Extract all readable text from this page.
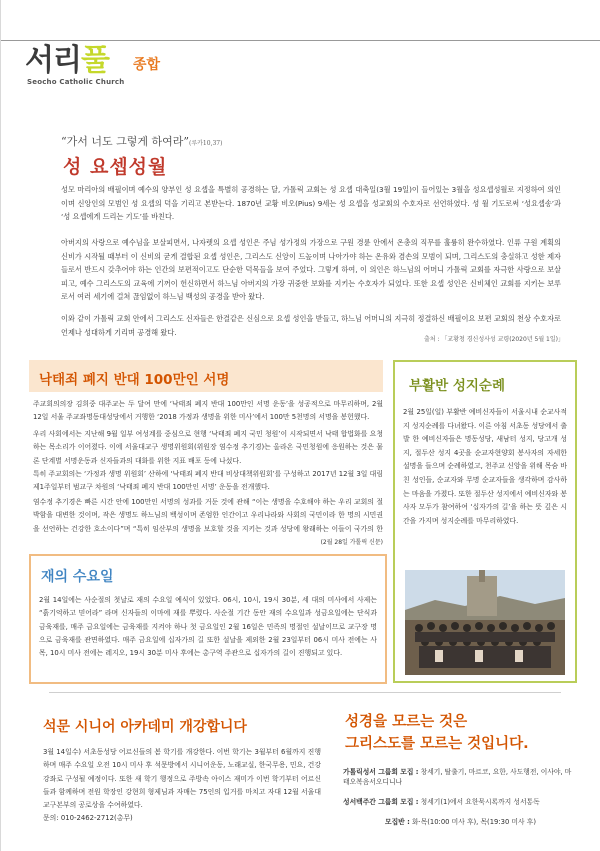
서리풀
Seocho Catholic Church
종합
“가서 너도 그렇게 하여라”(루카10,37)
성 요셉성월

성모 마리아의 배필이며 예수의 양부인 성 요셉을 특별히 공경하는 달, 가톨릭 교회는 성 요셉 대축일(3월 19일)이 들어있는 3월을 성요셉성월로 지정하여 의인이며 신앙인의 모범인 성 요셉의 덕을 기리고 본받는다. 1870년 교황 비오(Pius) 9세는 성 요셉을 성교회의 수호자로 선언하였다. 성 월 기도로써 ‘성요셉송’과 ‘성 요셉에게 드리는 기도’를 바친다.

아버지의 사랑으로 예수님을 보살피면서, 나자렛의 요셉 성인은 주님 성가정의 가장으로 구원 경륜 안에서 온총의 직무를 훌륭히 완수하였다. 인류 구원 계획의 신비가 시작될 때부터 이 신비의 굳게 결합된 요셉 성인은, 그리스도 신앙이 드높이며 나아가야 하는 온유와 겸손의 모범이 되며, 그리스도의 충실하고 성한 제자들로서 반드시 갖추어야 하는 인간의 보편적이고도 단순한 덕목들을 보여 주었다. 그렇게 하여, 이 의인은 하느님의 어머니 가톨릭 교회를 자극한 사랑으로 보살피고, 예수 그리스도의 교육에 기꺼이 헌신하면서 하느님 아버지의 가장 귀중한 보화를 지키는 수호자가 되었다. 또한 요셉 성인은 신비체인 교회를 지키는 보루로서 여러 세기에 걸쳐 끊임없이 하느님 백성의 공경을 받아 왔다.

이와 같이 가톨릭 교회 안에서 그리스도 신자들은 한결같은 신심으로 요셉 성인을 받들고, 하느님 어머니의 지극히 정결하신 배필이요 보편 교회의 천상 수호자로 언제나 성대하게 기리며 공경해 왔다.

출처 : 「교황청 경신성사성 교령(2020년 5월 1일)」
낙태죄 폐지 반대 100만인 서명

주교회의의장 김희중 대주교는 두 달여 만에 ‘낙태죄 폐지 반대 100만인 서명 운동’을 성공적으로 마무리하며, 2월 12일 서울 주교좌명동대성당에서 거행한 ‘2018 가정과 생명을 위한 미사’에서 100만 5천명의 서명을 봉헌했다.

우리 사회에서는 지난해 9월 일부 여성계를 중심으로 현행 ‘낙태죄 폐지 국민 청원’이 시작되면서 낙태 합법화를 요청하는 목소리가 이어졌다. 이에 서울대교구 생명위원회(위원장 염수정 추기경)는 올라온 국민청원에 응원하는 것은 물론 단계별 서명운동과 신자들과의 대화를 위한 지표 배포 등에 나섰다.

특히 주교회의는 ‘가정과 생명 위원회’ 산하에 ‘낙태죄 폐지 반대 비상대책위원회’를 구성하고 2017년 12월 3일 대림 제1주일부터 범교구 차원의 ‘낙태죄 폐지 반대 100만인 서명’ 운동을 전개했다.

염수정 추기경은 빠른 시간 안에 100만인 서명의 성과를 거둔 것에 관해 “이는 생명을 수호해야 하는 우리 교회의 절박함을 대변한 것이며, 작은 생명도 하느님의 백성이며 존엄한 인간이고 우리나라와 사회의 국민이라 한 명의 시민권을 선언하는 건강한 호소이다”며 “특히 임산부의 생명을 보호할 것을 지키는 것과 성당에 왕래하는 이들이 국가의 한

(2월 28일 가톨릭 신문)
부활반 성지순례

2월 25일(일) 부활반 예비신자들이 서울시내 순교사적지 성지순례를 다녀왔다. 이른 아침 서초동 성당에서 출발 한 예비신자들은 명동성당, 새남터 성지, 당고개 성지, 절두산 성지 4곳을 순교자현양회 봉사자의 자세한 설명을 들으며 순례하였고, 천주교 신앙을 위해 목숨 바친 성인들, 순교자와 무명 순교자들을 생각하며 감사하는 마음을 가졌다. 또한 절두산 성지에서 예비신자와 봉사자 모두가 참여하여 ‘십자가의 길’을 하는 뜻 깊은 시간을 가지며 성지순례를 마무리하였다.

재의 수요일

2월 14일에는 사순절의 첫날로 재의 수요일 예식이 있었다. 06시, 10시, 19시 30분, 세 대의 미사에서 사제는 “흙기억하고 믿어라” 라며 신자들의 이마에 재를 뿌렸다. 사순절 기간 동안 재의 수요일과 성금요일에는 단식과 금육재를, 매주 금요일에는 금육재를 지켜야 하나 첫 금요일인 2월 16일은 민족의 명절인 설날이므로 교구장 명으로 금육재를 관면하였다. 매주 금요일에 십자가의 길 또한 설날을 제외한 2월 23일부터 06시 미사 전에는 사목, 10시 미사 전에는 레지오, 19시 30분 미사 후에는 총구역 주관으로 십자가의 길이 진행되고 있다.

석문 시니어 아카데미 개강합니다

3월 14일수) 서초동성당 어르신들의 봄 학기를 개강한다. 이번 학기는 3월부터 6월까지 진행하며 매주 수요일 오전 10시 미사 후 석문방에서 시니어운동, 노래교실, 한국무용, 민요, 건강강좌로 구성될 예정이다. 또한 새 학기 행정으로 주방속 아이스 재미가 이번 학기부터 어르신들과 함께하며 전원 학장인 강현희 형제님과 자매는 75인의 입거를 마치고 자대 12월 서울대교구본부의 공로상을 수여하였다.

문의: 010-2462-2712(총무)
성경을 모르는 것은
그리스도를 모르는 것입니다.
가톨릭성서 그룹회 모집 : 창세기, 탈출기, 마르코, 요한, 사도행전, 이사야, 마태오복음서오디니나
성서백주간 그룹회 모집 : 청세기(1)에서 요한묵시록까지 성서통독
모집반 : 화·목(10:00 미사 후), 목(19:30 미사 후)
